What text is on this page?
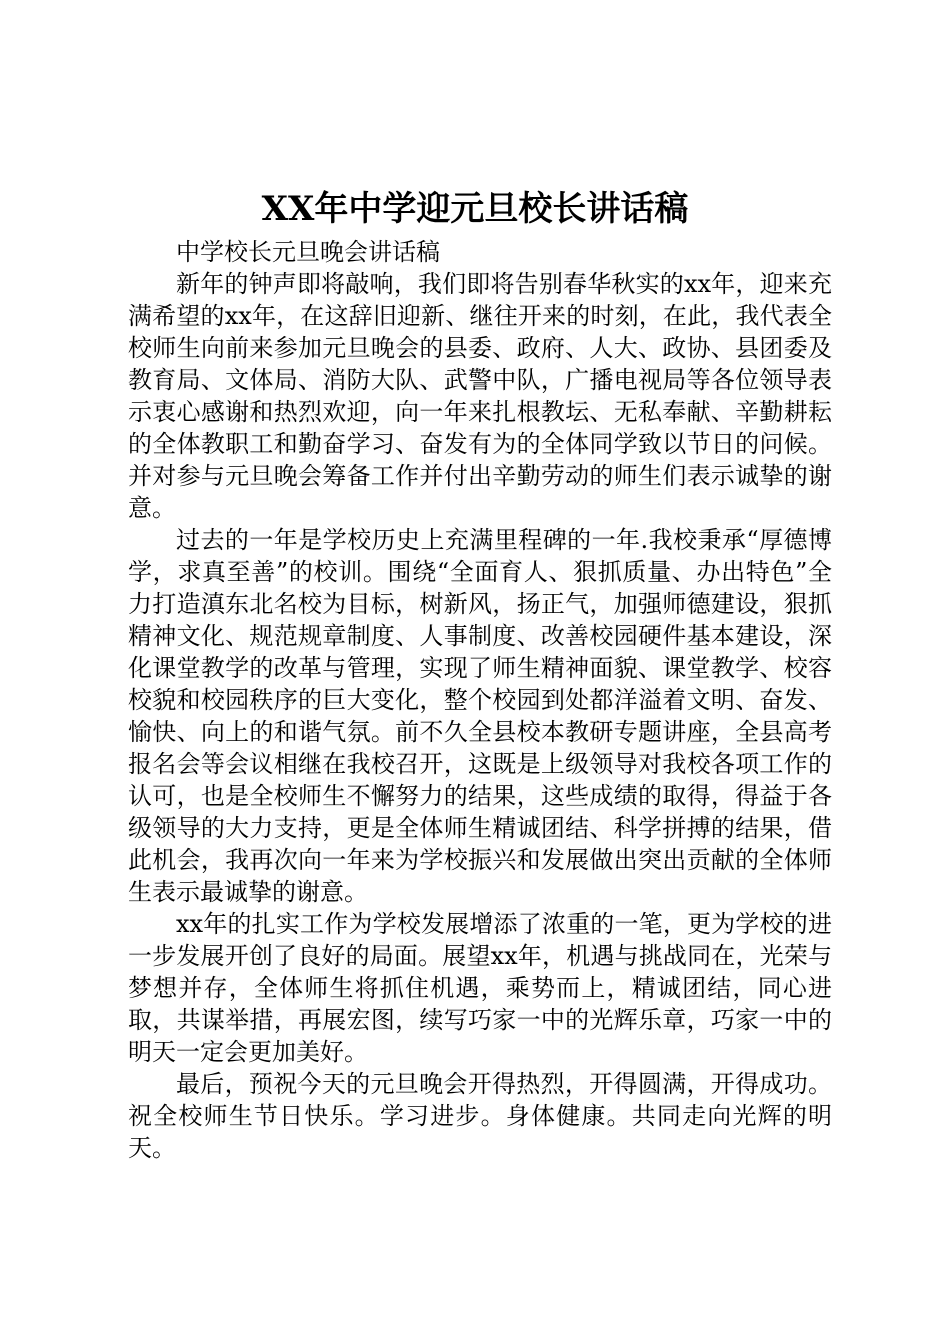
XX年中学迎元旦校长讲话稿

中学校长元旦晚会讲话稿

新年的钟声即将敲响，我们即将告别春华秋实的xx年，迎来充满希望的xx年，在这辞旧迎新、继往开来的时刻，在此，我代表全校师生向前来参加元旦晚会的县委、政府、人大、政协、县团委及教育局、文体局、消防大队、武警中队，广播电视局等各位领导表示衷心感谢和热烈欢迎，向一年来扎根教坛、无私奉献、辛勤耕耘的全体教职工和勤奋学习、奋发有为的全体同学致以节日的问候。并对参与元旦晚会筹备工作并付出辛勤劳动的师生们表示诚挚的谢意。

过去的一年是学校历史上充满里程碑的一年.我校秉承“厚德博学，求真至善”的校训。围绕“全面育人、狠抓质量、办出特色”全力打造滇东北名校为目标，树新风，扬正气，加强师德建设，狠抓精神文化、规范规章制度、人事制度、改善校园硬件基本建设，深化课堂教学的改革与管理，实现了师生精神面貌、课堂教学、校容校貌和校园秩序的巨大变化，整个校园到处都洋溢着文明、奋发、愉快、向上的和谐气氛。前不久全县校本教研专题讲座，全县高考报名会等会议相继在我校召开，这既是上级领导对我校各项工作的认可，也是全校师生不懈努力的结果，这些成绩的取得，得益于各级领导的大力支持，更是全体师生精诚团结、科学拼搏的结果，借此机会，我再次向一年来为学校振兴和发展做出突出贡献的全体师生表示最诚挚的谢意。

xx年的扎实工作为学校发展增添了浓重的一笔，更为学校的进一步发展开创了良好的局面。展望xx年，机遇与挑战同在，光荣与梦想并存，全体师生将抓住机遇，乘势而上，精诚团结，同心进取，共谋举措，再展宏图，续写巧家一中的光辉乐章，巧家一中的明天一定会更加美好。

最后，预祝今天的元旦晚会开得热烈，开得圆满，开得成功。祝全校师生节日快乐。学习进步。身体健康。共同走向光辉的明天。
